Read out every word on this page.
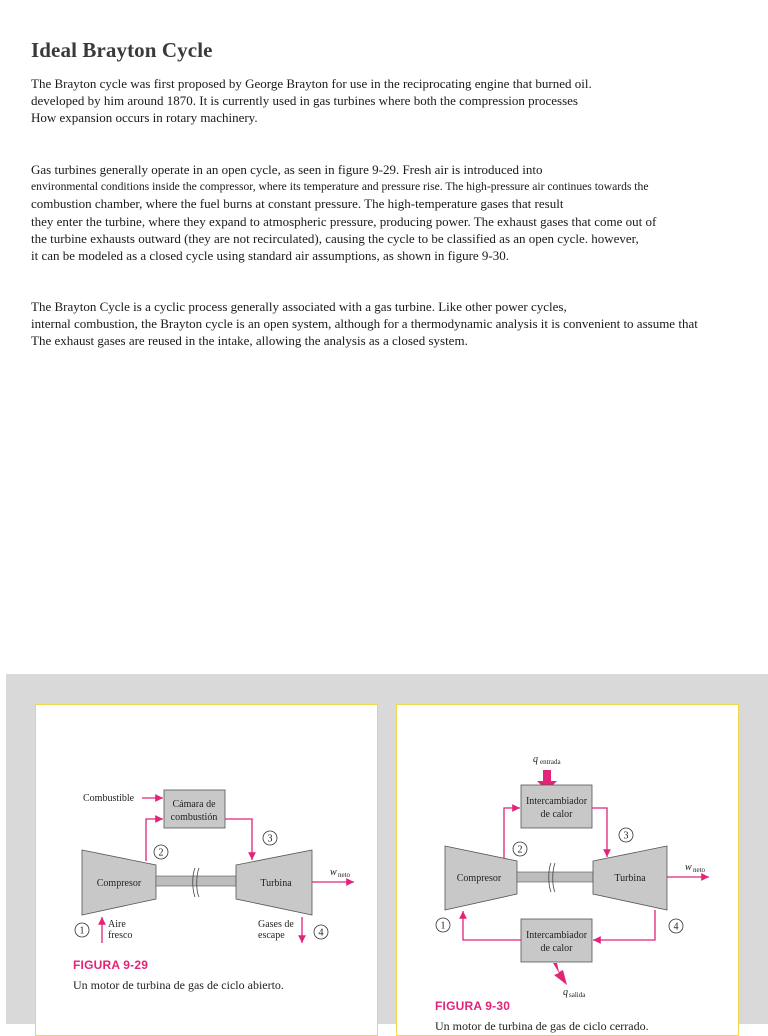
Ideal Brayton Cycle

The Brayton cycle was first proposed by George Brayton for use in the reciprocating engine that burned oil.
developed by him around 1870. It is currently used in gas turbines where both the compression processes
How expansion occurs in rotary machinery.

Gas turbines generally operate in an open cycle, as seen in figure 9-29. Fresh air is introduced into
environmental conditions inside the compressor, where its temperature and pressure rise. The high-pressure air continues towards the
combustion chamber, where the fuel burns at constant pressure. The high-temperature gases that result
they enter the turbine, where they expand to atmospheric pressure, producing power. The exhaust gases that come out of
the turbine exhausts outward (they are not recirculated), causing the cycle to be classified as an open cycle. however,
it can be modeled as a closed cycle using standard air assumptions, as shown in figure 9-30.

The Brayton Cycle is a cyclic process generally associated with a gas turbine. Like other power cycles,
internal combustion, the Brayton cycle is an open system, although for a thermodynamic analysis it is convenient to assume that
The exhaust gases are reused in the intake, allowing the analysis as a closed system.

Cámara de
combustión
Combustible
Compresor	Turbina
w neto
2
3
1
Aire
fresco
Gases de
escape	4
FIGURA 9-29
Un motor de turbina de gas de ciclo abierto.
q entrada
Intercambiador
de calor
Compresor	Turbina
w neto
2
3
Intercambiador
de calor
4
1
q salida
FIGURA 9-30
Un motor de turbina de gas de ciclo cerrado.
